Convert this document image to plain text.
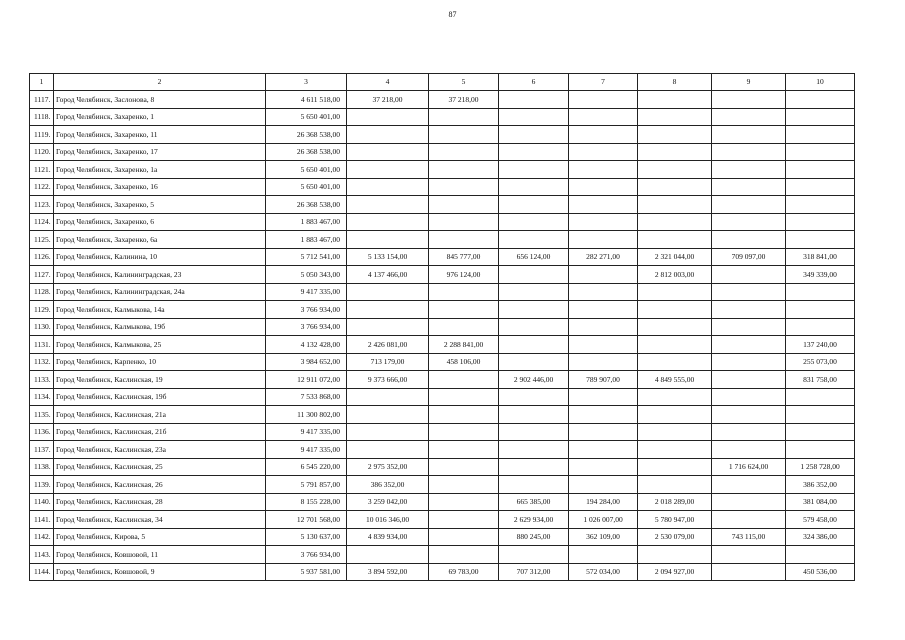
87
1	2	3	4	5	6	7	8	9	10
1117.	Город Челябинск, Заслонова, 8	4 611 518,00	37 218,00	37 218,00					
1118.	Город Челябинск, Захаренко, 1	5 650 401,00							
1119.	Город Челябинск, Захаренко, 11	26 368 538,00							
1120.	Город Челябинск, Захаренко, 17	26 368 538,00							
1121.	Город Челябинск, Захаренко, 1а	5 650 401,00							
1122.	Город Челябинск, Захаренко, 16	5 650 401,00							
1123.	Город Челябинск, Захаренко, 5	26 368 538,00							
1124.	Город Челябинск, Захаренко, 6	1 883 467,00							
1125.	Город Челябинск, Захаренко, 6а	1 883 467,00							
1126.	Город Челябинск, Калинина, 10	5 712 541,00	5 133 154,00	845 777,00	656 124,00	282 271,00	2 321 044,00	709 097,00	318 841,00
1127.	Город Челябинск, Калининградская, 23	5 050 343,00	4 137 466,00	976 124,00			2 812 003,00		349 339,00
1128.	Город Челябинск, Калининградская, 24а	9 417 335,00							
1129.	Город Челябинск, Калмыкова, 14а	3 766 934,00							
1130.	Город Челябинск, Калмыкова, 19б	3 766 934,00							
1131.	Город Челябинск, Калмыкова, 25	4 132 428,00	2 426 081,00	2 288 841,00					137 240,00
1132.	Город Челябинск, Карпенко, 10	3 984 652,00	713 179,00	458 106,00					255 073,00
1133.	Город Челябинск, Каслинская, 19	12 911 072,00	9 373 666,00		2 902 446,00	789 907,00	4 849 555,00		831 758,00
1134.	Город Челябинск, Каслинская, 19б	7 533 868,00							
1135.	Город Челябинск, Каслинская, 21а	11 300 802,00							
1136.	Город Челябинск, Каслинская, 21б	9 417 335,00							
1137.	Город Челябинск, Каслинская, 23а	9 417 335,00							
1138.	Город Челябинск, Каслинская, 25	6 545 220,00	2 975 352,00					1 716 624,00	1 258 728,00
1139.	Город Челябинск, Каслинская, 26	5 791 857,00	386 352,00						386 352,00
1140.	Город Челябинск, Каслинская, 28	8 155 228,00	3 259 042,00		665 385,00	194 284,00	2 018 289,00		381 084,00
1141.	Город Челябинск, Каслинская, 34	12 701 568,00	10 016 346,00		2 629 934,00	1 026 007,00	5 780 947,00		579 458,00
1142.	Город Челябинск, Кирова, 5	5 130 637,00	4 839 934,00		880 245,00	362 109,00	2 530 079,00	743 115,00	324 386,00
1143.	Город Челябинск, Ковшовой, 11	3 766 934,00							
1144.	Город Челябинск, Ковшовой, 9	5 937 581,00	3 894 592,00	69 783,00	707 312,00	572 034,00	2 094 927,00		450 536,00
